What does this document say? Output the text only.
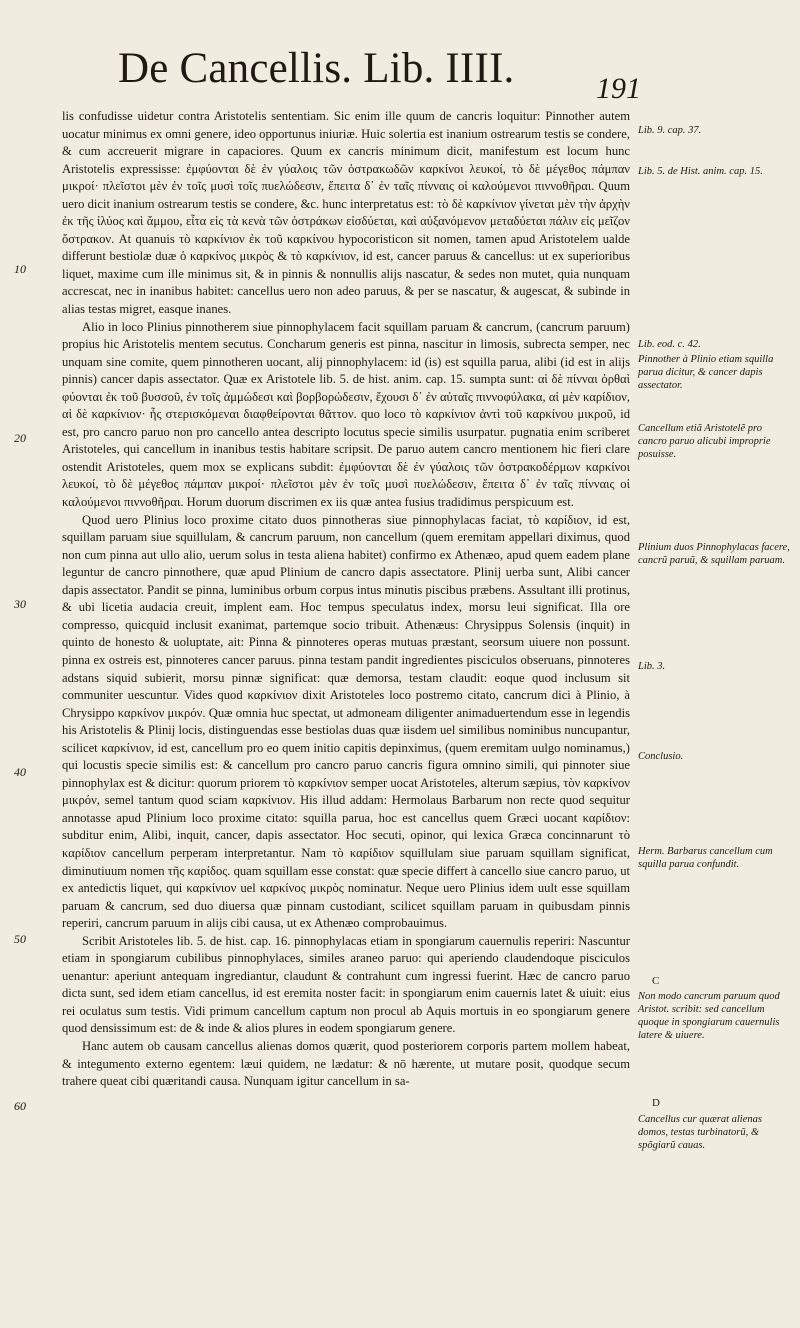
De Cancellis. Lib. IIII.	191

lis confudisse uidetur contra Aristotelis sententiam. Sic enim ille quum de cancris loquitur: Pinnother autem uocatur minimus ex omni genere, ideo opportunus iniuriæ. Huic solertia est inanium ostrearum testis se condere, & cum accreuerit migrare in capaciores. Quum ex cancris minimum dicit, manifestum est locum hunc Aristotelis expressisse: ἐμφύονται δὲ ἐν γύαλοις τῶν ὀστρακωδῶν καρκίνοι λευκοί, τὸ δὲ μέγεθος πάμπαν μικροί· πλεῖστοι μὲν ἐν τοῖς μυσὶ τοῖς πυελώδεσιν, ἔπειτα δ᾽ ἐν ταῖς πίνναις οἱ καλούμενοι πιννοθῆραι. Quum uero dicit inanium ostrearum testis se condere, &c. hunc interpretatus est: τὸ δὲ καρκίνιον γίνεται μὲν τὴν ἀρχὴν ἐκ τῆς ἰλύος καὶ ἄμμου, εἶτα εἰς τὰ κενὰ τῶν ὀστράκων εἰσδύεται, καὶ αὐξανόμενον μεταδύεται πάλιν εἰς μεῖζον ὄστρακον. At quanuis τὸ καρκίνιον ἐκ τοῦ καρκίνου hypocoristicon sit nomen, tamen apud Aristotelem ualde differunt bestiolæ duæ ὁ καρκίνος μικρὸς & τὸ καρκίνιον, id est, cancer paruus & cancellus: ut ex superioribus liquet, maxime cum ille minimus sit, & in pinnis & nonnullis alijs nascatur, & sedes non mutet, quia nunquam accrescat, nec in inanibus habitet: cancellus uero non adeo paruus, & per se nascatur, & augescat, & subinde in alias testas migret, easque inanes.

Alio in loco Plinius pinnotherem siue pinnophylacem facit squillam paruam & cancrum, (cancrum paruum) propius hic Aristotelis mentem secutus. Concharum generis est pinna, nascitur in limosis, subrecta semper, nec unquam sine comite, quem pinnotheren uocant, alij pinnophylacem: id (is) est squilla parua, alibi (id est in alijs pinnis) cancer dapis assectator. Quæ ex Aristotele lib. 5. de hist. anim. cap. 15. sumpta sunt: αἱ δὲ πίνναι ὀρθαὶ φύονται ἐκ τοῦ βυσσοῦ, ἐν τοῖς ἀμμώδεσι καὶ βορβορώδεσιν, ἔχουσι δ᾽ ἐν αὐταῖς πιννοφύλακα, αἱ μὲν καρίδιον, αἱ δὲ καρκίνιον· ἧς στερισκόμεναι διαφθείρονται θᾶττον. quo loco τὸ καρκίνιον ἀντὶ τοῦ καρκίνου μικροῦ, id est, pro cancro paruo non pro cancello antea descripto locutus specie similis usurpatur. pugnatia enim scriberet Aristoteles, qui cancellum in inanibus testis habitare scripsit. De paruo autem cancro mentionem hic fieri clare ostendit Aristoteles, quem mox se explicans subdit: ἐμφύονται δὲ ἐν γύαλοις τῶν ὀστρακοδέρμων καρκίνοι λευκοί, τὸ δὲ μέγεθος πάμπαν μικροί· πλεῖστοι μὲν ἐν τοῖς μυσὶ πυελώδεσιν, ἔπειτα δ᾽ ἐν ταῖς πίνναις οἱ καλούμενοι πιννοθῆραι. Horum duorum discrimen ex iis quæ antea fusius tradidimus perspicuum est.

Quod uero Plinius loco proxime citato duos pinnotheras siue pinnophylacas faciat, τὸ καρίδιον, id est, squillam paruam siue squillulam, & cancrum paruum, non cancellum (quem eremitam appellari diximus, quod non cum pinna aut ullo alio, uerum solus in testa aliena habitet) confirmo ex Athenæo, apud quem eadem plane leguntur de cancro pinnothere, quæ apud Plinium de cancro dapis assectatore. Plinij uerba sunt, Alibi cancer dapis assectator. Pandit se pinna, luminibus orbum corpus intus minutis piscibus præbens. Assultant illi protinus, & ubi licetia audacia creuit, implent eam. Hoc tempus speculatus index, morsu leui significat. Illa ore compresso, quicquid inclusit exanimat, partemque socio tribuit. Athenæus: Chrysippus Solensis (inquit) in quinto de honesto & uoluptate, ait: Pinna & pinnoteres operas mutuas præstant, seorsum uiuere non possunt. pinna ex ostreis est, pinnoteres cancer paruus. pinna testam pandit ingredientes pisciculos obseruans, pinnoteres adstans siquid subierit, morsu pinnæ significat: quæ demorsa, testam claudit: eoque quod inclusum sit communiter uescuntur. Vides quod καρκίνιον dixit Aristoteles loco postremo citato, cancrum dici à Plinio, à Chrysippo καρκίνον μικρόν. Quæ omnia huc spectat, ut admoneam diligenter animaduertendum esse in legendis his Aristotelis & Plinij locis, distinguendas esse bestiolas duas quæ iisdem uel similibus nominibus nuncupantur, scilicet καρκίνιον, id est, cancellum pro eo quem initio capitis depinximus, (quem eremitam uulgo nominamus,) qui locustis specie similis est: & cancellum pro cancro paruo cancris figura omnino simili, qui pinnoter siue pinnophylax est & dicitur: quorum priorem τὸ καρκίνιον semper uocat Aristoteles, alterum sæpius, τὸν καρκίνον μικρόν, semel tantum quod sciam καρκίνιον. His illud addam: Hermolaus Barbarum non recte quod sequitur annotasse apud Plinium loco proxime citato: squilla parua, hoc est cancellus quem Græci uocant καρίδιον: subditur enim, Alibi, inquit, cancer, dapis assectator. Hoc secuti, opinor, qui lexica Græca concinnarunt τὸ καρίδιον cancellum perperam interpretantur. Nam τὸ καρίδιον squillulam siue paruam squillam significat, diminutiuum nomen τῆς καρίδος. quam squillam esse constat: quæ specie differt à cancello siue cancro paruo, ut ex antedictis liquet, qui καρκίνιον uel καρκίνος μικρὸς nominatur. Neque uero Plinius idem uult esse squillam paruam & cancrum, sed duo diuersa quæ pinnam custodiant, scilicet squillam paruam in quibusdam pinnis reperiri, cancrum paruum in alijs cibi causa, ut ex Athenæo comprobauimus.

Scribit Aristoteles lib. 5. de hist. cap. 16. pinnophylacas etiam in spongiarum cauernulis reperiri: Nascuntur etiam in spongiarum cubilibus pinnophylaces, similes araneo paruo: qui aperiendo claudendoque pisciculos uenantur: aperiunt antequam ingrediantur, claudunt & contrahunt cum ingressi fuerint. Hæc de cancro paruo dicta sunt, sed idem etiam cancellus, id est eremita noster facit: in spongiarum enim cauernis latet & uiuit: eius rei oculatus sum testis. Vidi primum cancellum captum non procul ab Aquis mortuis in eo spongiarum genere quod densissimum est: de & inde & alios plures in eodem spongiarum genere.

Hanc autem ob causam cancellus alienas domos quærit, quod posteriorem corporis partem mollem habeat, & integumento externo egentem: læui quidem, ne lædatur: & nō hærente, ut mutare posit, quodque secum trahere queat cibi quæritandi causa. Nunquam igitur cancellum in sa-

10
20
30
40
50
60
Lib. 9. cap. 37.
Lib. 5. de Hist. anim. cap. 15.
Lib. eod. c. 42.
Pinnother à Plinio etiam squilla parua dicitur, & cancer dapis assectator.
Cancellum etiã Aristotelẽ pro cancro paruo alicubi improprie posuisse.
Plinium duos Pinnophylacas facere, cancrũ paruũ, & squillam paruam.
Lib. 3.
Conclusio.
Herm. Barbarus cancellum cum squilla parua confundit.
C
Non modo cancrum paruum quod Aristot. scribit: sed cancellum quoque in spongiarum cauernulis latere & uiuere.
D
Cancellus cur quærat alienas domos, testas turbinatorũ, & spõgiarũ cauas.
